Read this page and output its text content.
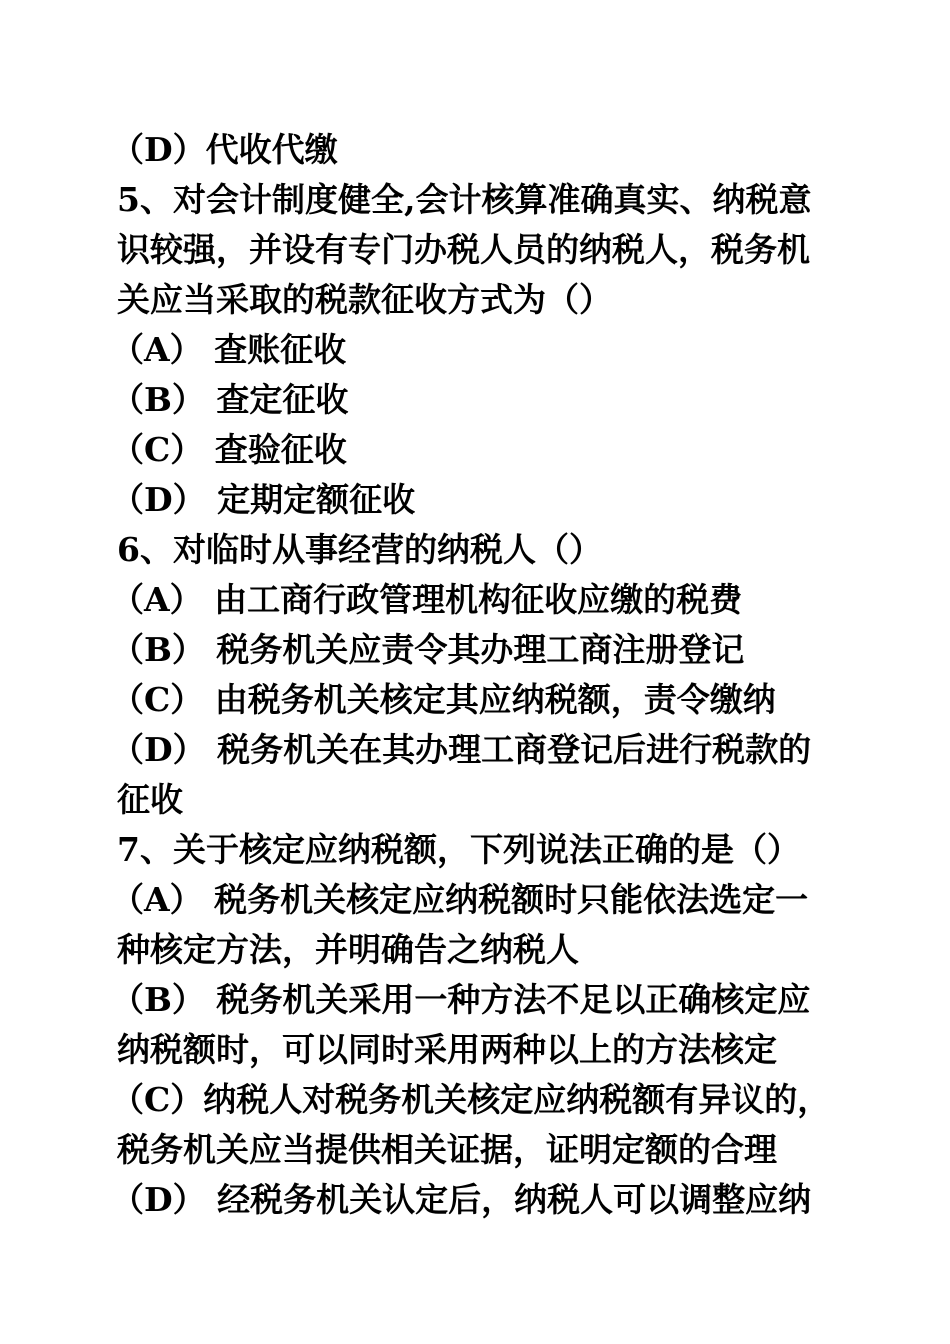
（D）代收代缴
5、对会计制度健全,会计核算准确真实、纳税意
识较强，并设有专门办税人员的纳税人，税务机
关应当采取的税款征收方式为（）
（A） 查账征收
（B） 查定征收
（C） 查验征收
（D） 定期定额征收
6、对临时从事经营的纳税人（）
（A） 由工商行政管理机构征收应缴的税费
（B） 税务机关应责令其办理工商注册登记
（C） 由税务机关核定其应纳税额，责令缴纳
（D） 税务机关在其办理工商登记后进行税款的
征收
7、关于核定应纳税额，下列说法正确的是（）
（A） 税务机关核定应纳税额时只能依法选定一
种核定方法，并明确告之纳税人
（B） 税务机关采用一种方法不足以正确核定应
纳税额时，可以同时采用两种以上的方法核定
（C）纳税人对税务机关核定应纳税额有异议的，
税务机关应当提供相关证据，证明定额的合理
（D） 经税务机关认定后，纳税人可以调整应纳
